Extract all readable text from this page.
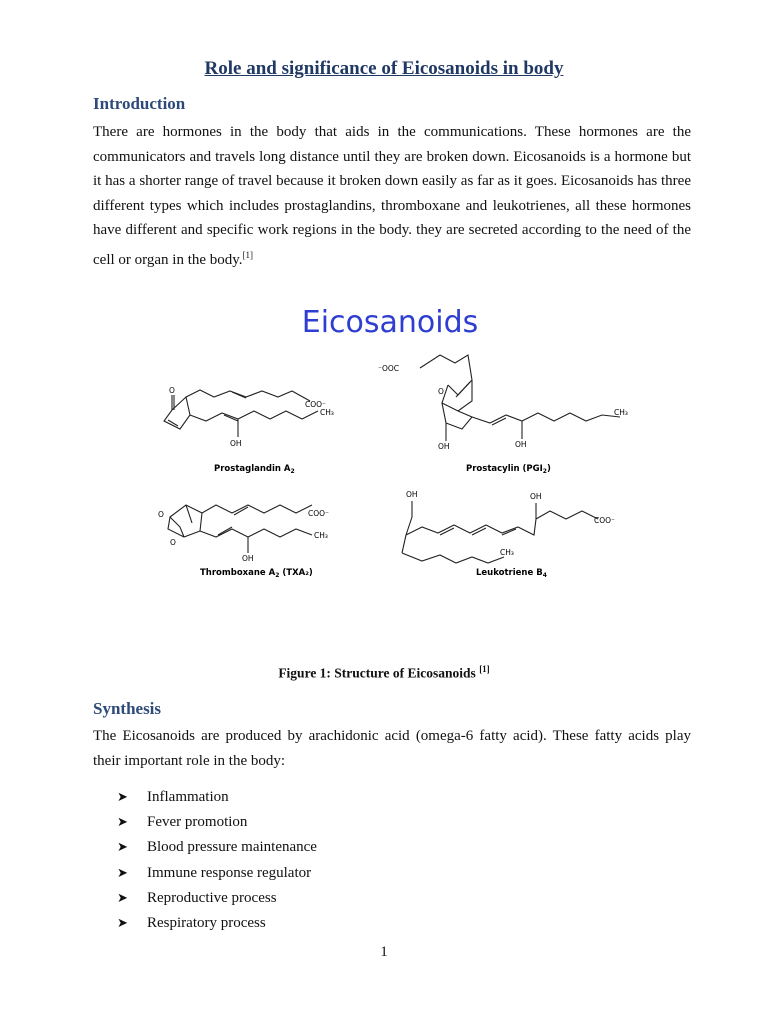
Role and significance of Eicosanoids in body
Introduction

There are hormones in the body that aids in the communications. These hormones are the communicators and travels long distance until they are broken down. Eicosanoids is a hormone but it has a shorter range of travel because it broken down easily as far as it goes. Eicosanoids has three different types which includes prostaglandins, thromboxane and leukotrienes, all these hormones have different and specific work regions in the body. they are secreted according to the need of the cell or organ in the body.[1]

Eicosanoids
O
COO⁻
CH₃
OH
⁻OOC
O
CH₃
OH	OH
O
O
COO⁻
CH₃
OH
OH	OH
COO⁻
CH₃
Prostaglandin $A_2$	Prostacylin $(PGI_2)$
Thromboxane $A_2$ (TXA₂)	Leukotriene $B_4$
Figure 1: Structure of Eicosanoids [1]
Synthesis

The Eicosanoids are produced by arachidonic acid (omega-6 fatty acid). These fatty acids play their important role in the body:

➤ Inflammation
➤ Fever promotion
➤ Blood pressure maintenance
➤ Immune response regulator
➤ Reproductive process
➤ Respiratory process
1
